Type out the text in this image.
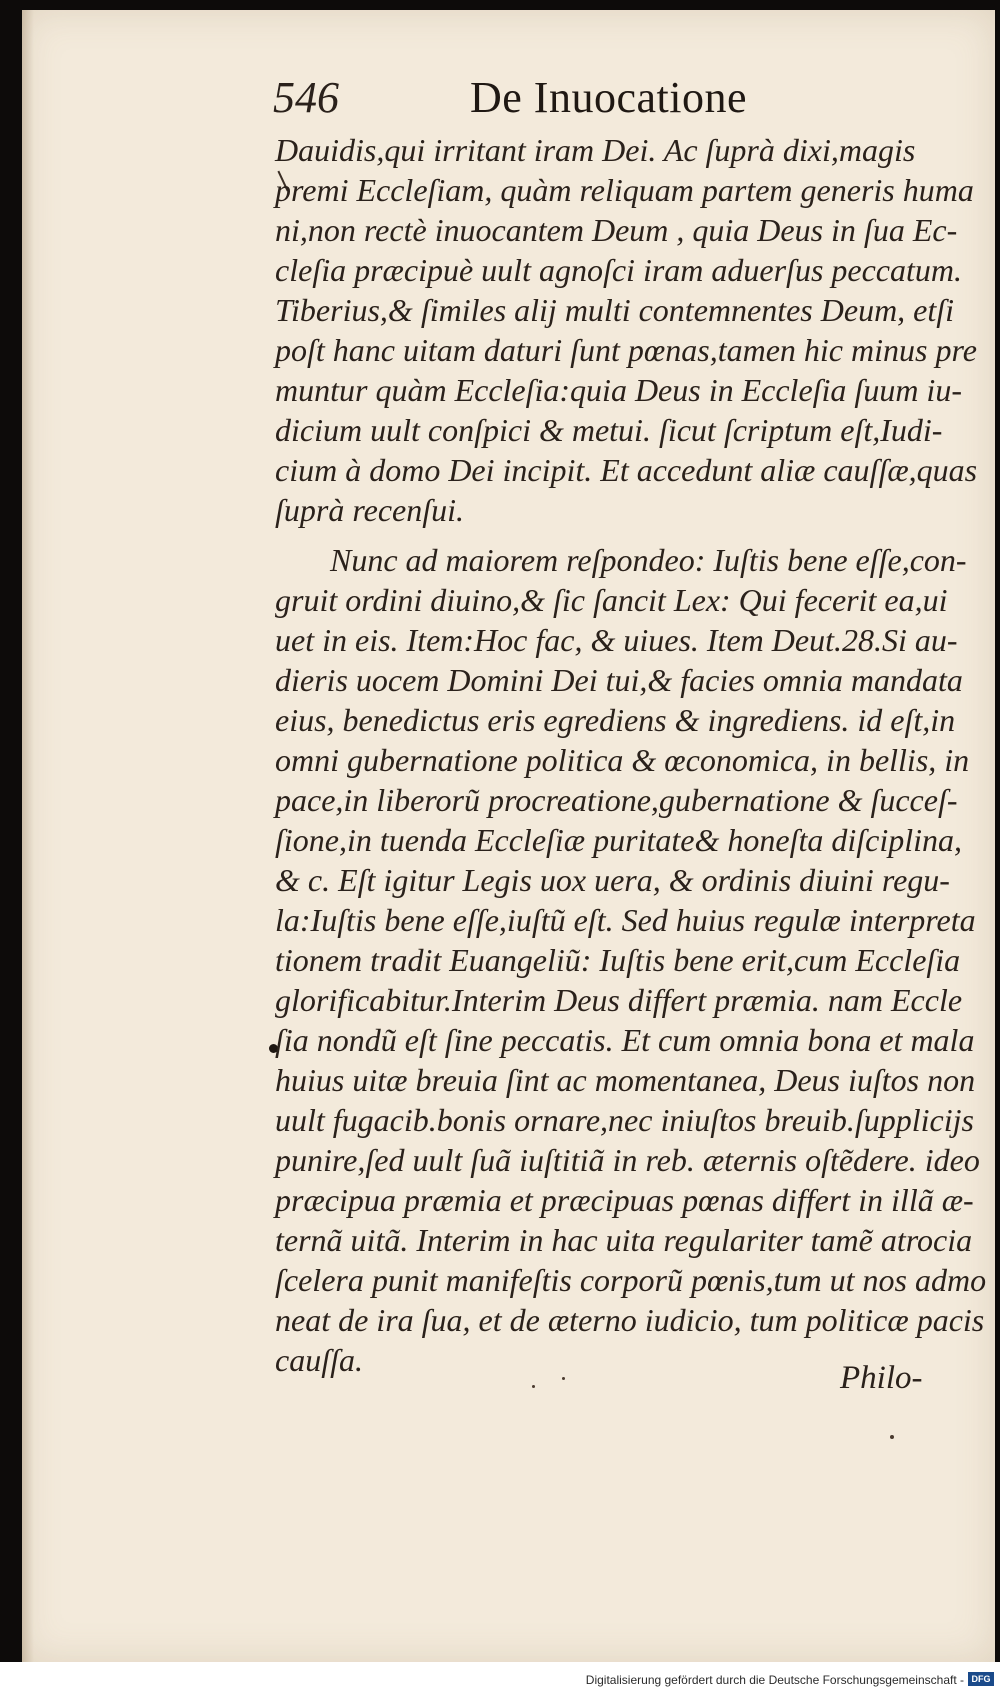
546	De Inuocatione
Dauidis,qui irritant iram Dei. Ac ſuprà dixi,magis
premi Eccleſiam, quàm reliquam partem generis huma
ni,non rectè inuocantem Deum , quia Deus in ſua Ec-
cleſia præcipuè uult agnoſci iram aduerſus peccatum.
Tiberius,& ſimiles alij multi contemnentes Deum, etſi
poſt hanc uitam daturi ſunt pœnas,tamen hic minus pre
muntur quàm Eccleſia:quia Deus in Eccleſia ſuum iu-
dicium uult conſpici & metui. ſicut ſcriptum eſt,Iudi-
cium à domo Dei incipit. Et accedunt aliæ cauſſæ,quas
ſuprà recenſui.
Nunc ad maiorem reſpondeo: Iuſtis bene eſſe,con-
gruit ordini diuino,& ſic ſancit Lex: Qui fecerit ea,ui
uet in eis. Item:Hoc fac, & uiues. Item Deut.28.Si au-
dieris uocem Domini Dei tui,& facies omnia mandata
eius, benedictus eris egrediens & ingrediens. id eſt,in
omni gubernatione politica & œconomica, in bellis, in
pace,in liberorũ procreatione,gubernatione & ſucceſ-
ſione,in tuenda Eccleſiæ puritate& honeſta diſciplina,
& c. Eſt igitur Legis uox uera, & ordinis diuini regu-
la:Iuſtis bene eſſe,iuſtũ eſt. Sed huius regulæ interpreta
tionem tradit Euangeliũ: Iuſtis bene erit,cum Eccleſia
glorificabitur.Interim Deus differt præmia. nam Eccle
ſia nondũ eſt ſine peccatis. Et cum omnia bona et mala
huius uitæ breuia ſint ac momentanea, Deus iuſtos non
uult fugacib.bonis ornare,nec iniuſtos breuib.ſupplicijs
punire,ſed uult ſuã iuſtitiã in reb. æternis oſtẽdere. ideo
præcipua præmia et præcipuas pœnas differt in illã æ-
ternã uitã. Interim in hac uita regulariter tamẽ atrocia
ſcelera punit manifeſtis corporũ pœnis,tum ut nos admo
neat de ira ſua, et de æterno iudicio, tum politicæ pacis
cauſſa.	Philo-
Digitalisierung gefördert durch die Deutsche Forschungsgemeinschaft - DFG
